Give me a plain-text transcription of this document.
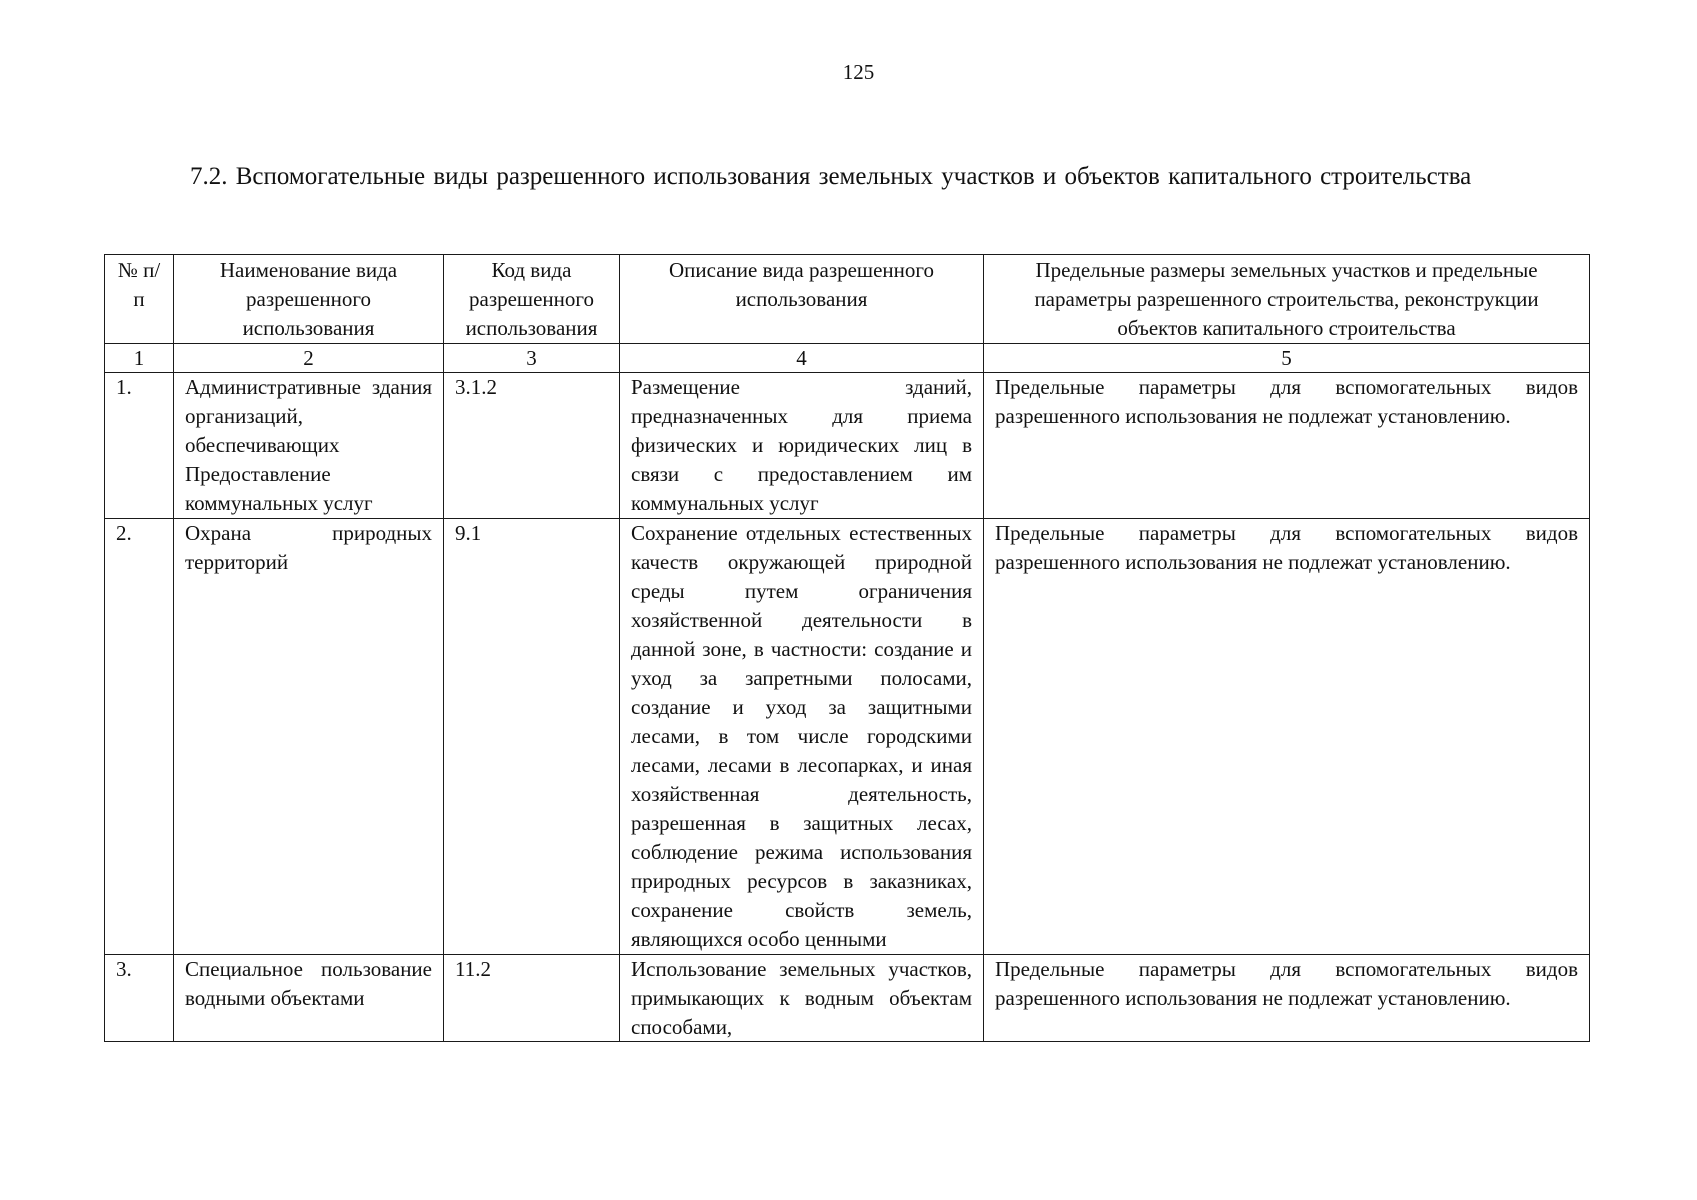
125
7.2. Вспомогательные виды разрешенного использования земельных участков и объектов капитального строительства
№ п/п	Наименование вида разрешенного использования	Код вида разрешенного использования	Описание вида разрешенного использования	Предельные размеры земельных участков и предельные параметры разрешенного строительства, реконструкции объектов капитального строительства
1	2	3	4	5
1.	Административные здания организаций, обеспечивающих Предоставление коммунальных услуг	3.1.2	Размещение зданий, предназначенных для приема физических и юридических лиц в связи с предоставлением им коммунальных услуг	Предельные параметры для вспомогательных видов разрешенного использования не подлежат установлению.
2.	Охрана природных территорий	9.1	Сохранение отдельных естественных качеств окружающей природной среды путем ограничения хозяйственной деятельности в данной зоне, в частности: создание и уход за запретными полосами, создание и уход за защитными лесами, в том числе городскими лесами, лесами в лесопарках, и иная хозяйственная деятельность, разрешенная в защитных лесах, соблюдение режима использования природных ресурсов в заказниках, сохранение свойств земель, являющихся особо ценными	Предельные параметры для вспомогательных видов разрешенного использования не подлежат установлению.

3.	Специальное пользование водными объектами	11.2	Использование земельных участков, примыкающих к водным объектам способами,	Предельные параметры для вспомогательных видов разрешенного использования не подлежат установлению.
